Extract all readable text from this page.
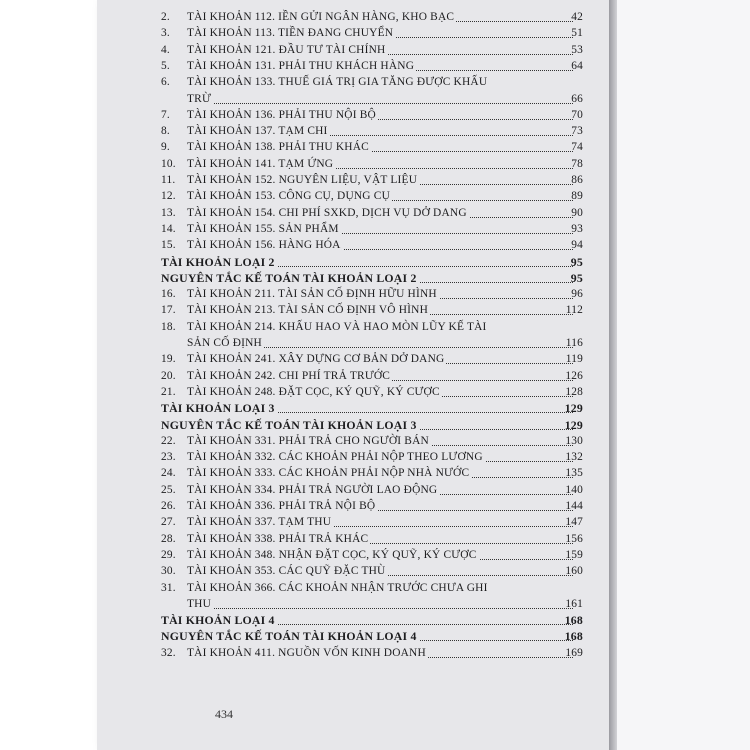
2.	TÀI KHOẢN 112. IỀN GỬI NGÂN HÀNG, KHO BẠC	42
3.	TÀI KHOẢN 113. TIỀN ĐANG CHUYỂN	51
4.	TÀI KHOẢN 121. ĐẦU TƯ TÀI CHÍNH	53
5.	TÀI KHOẢN 131. PHẢI THU KHÁCH HÀNG	64
6.	TÀI KHOẢN 133. THUẾ GIÁ TRỊ GIA TĂNG ĐƯỢC KHẤU
TRỪ	66
7.	TÀI KHOẢN 136. PHẢI THU NỘI BỘ	70
8.	TÀI KHOẢN 137. TẠM CHI	73
9.	TÀI KHOẢN 138. PHẢI THU KHÁC	74
10. TÀI KHOẢN 141. TẠM ỨNG	78
11.	TÀI KHOẢN 152. NGUYÊN LIỆU, VẬT LIỆU	86
12. TÀI KHOẢN 153. CÔNG CỤ, DỤNG CỤ	89
13. TÀI KHOẢN 154. CHI PHÍ SXKD, DỊCH VỤ DỞ DANG	90
14. TÀI KHOẢN 155. SẢN PHẨM	93
15. TÀI KHOẢN 156. HÀNG HÓA	94
TÀI KHOẢN LOẠI 2	95
NGUYÊN TẮC KẾ TOÁN TÀI KHOẢN LOẠI 2	95
16. TÀI KHOẢN 211. TÀI SẢN CỐ ĐỊNH HỮU HÌNH	96
17. TÀI KHOẢN 213. TÀI SẢN CỐ ĐỊNH VÔ HÌNH	112
18. TÀI KHOẢN 214. KHẤU HAO VÀ HAO MÒN LŨY KẾ TÀI
SẢN CỐ ĐỊNH	116
19. TÀI KHOẢN 241. XÂY DỰNG CƠ BẢN DỞ DANG	119
20. TÀI KHOẢN 242. CHI PHÍ TRẢ TRƯỚC	126
21. TÀI KHOẢN 248. ĐẶT CỌC, KÝ QUỸ, KÝ CƯỢC	128
TÀI KHOẢN LOẠI 3	129
NGUYÊN TẮC KẾ TOÁN TÀI KHOẢN LOẠI 3	129
22. TÀI KHOẢN 331. PHẢI TRẢ CHO NGƯỜI BÁN	130
23. TÀI KHOẢN 332. CÁC KHOẢN PHẢI NỘP THEO LƯƠNG	132
24. TÀI KHOẢN 333. CÁC KHOẢN PHẢI NỘP NHÀ NƯỚC	135
25. TÀI KHOẢN 334. PHẢI TRẢ NGƯỜI LAO ĐỘNG	140
26. TÀI KHOẢN 336. PHẢI TRẢ NỘI BỘ	144
27. TÀI KHOẢN 337. TẠM THU	147
28. TÀI KHOẢN 338. PHẢI TRẢ KHÁC	156
29. TÀI KHOẢN 348. NHẬN ĐẶT CỌC, KÝ QUỸ, KÝ CƯỢC	159
30. TÀI KHOẢN 353. CÁC QUỸ ĐẶC THÙ	160
31. TÀI KHOẢN 366. CÁC KHOẢN NHẬN TRƯỚC CHƯA GHI
THU	161
TÀI KHOẢN LOẠI 4	168
NGUYÊN TẮC KẾ TOÁN TÀI KHOẢN LOẠI 4	168
32. TÀI KHOẢN 411. NGUỒN VỐN KINH DOANH	169
434
